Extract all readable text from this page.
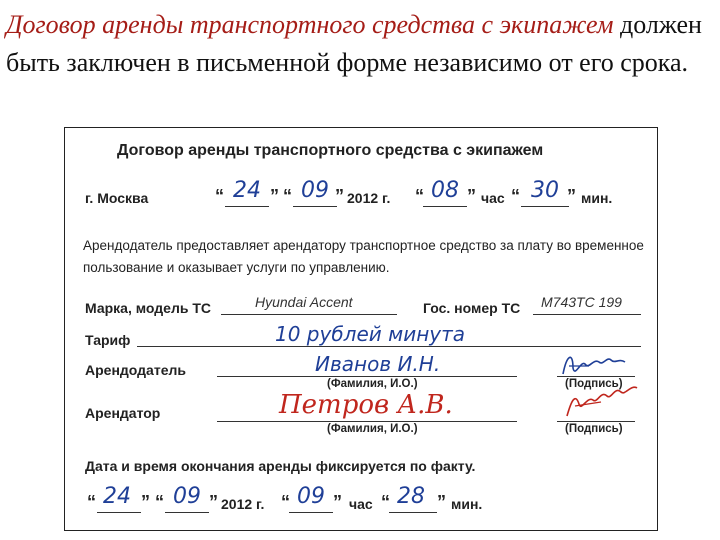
Договор аренды транспортного средства с экипажем должен быть заключен в письменной форме независимо от его срока.
Договор аренды транспортного средства с экипажем
г. Москва	“ 24 ” “ 09 ” 2012 г. “ 08 ” час “ 30 ” мин.
Арендодатель предоставляет арендатору транспортное средство за плату во временное пользование и оказывает услуги по управлению.
Марка, модель ТС	Hyundai Accent	Гос. номер ТС М743ТС 199
Тариф	10 рублей минута
Арендодатель	Иванов И.Н.
(Фамилия, И.О.)	(Подпись)
Арендатор	Петров А.В.
(Фамилия, И.О.)	(Подпись)
Дата и время окончания аренды фиксируется по факту.
“ 24 ” “ 09 ” 2012 г. “ 09 ” час “ 28 ” мин.
